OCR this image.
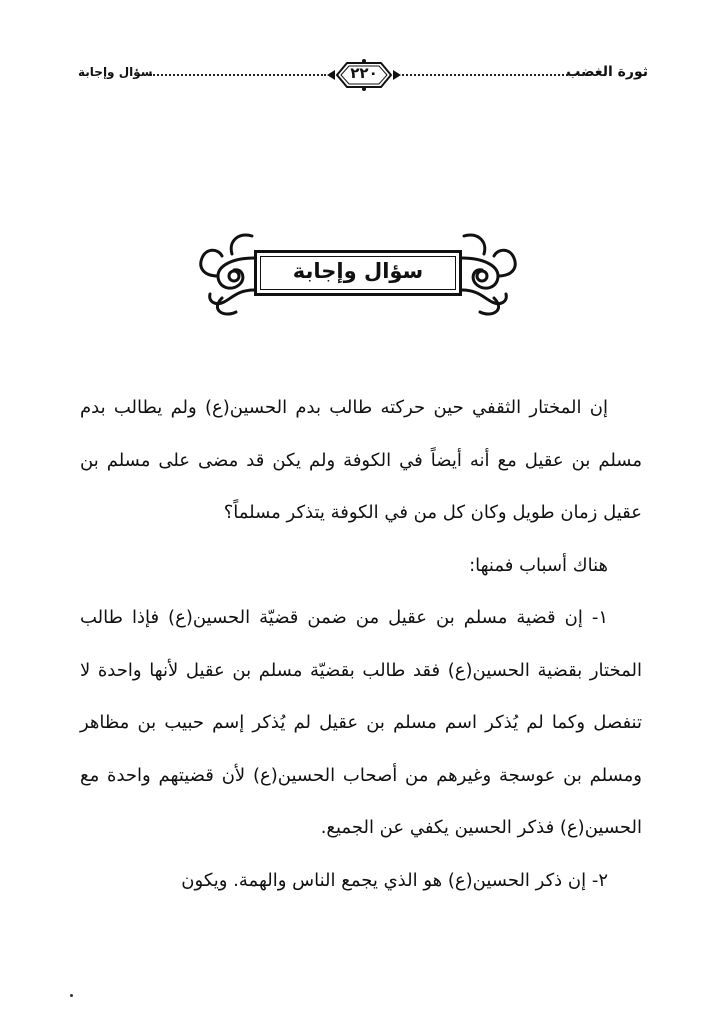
ثورة الغضب
٢٢٠
سؤال وإجابة
سؤال وإجابة

إن المختار الثقفي حين حركته طالب بدم الحسين(ع) ولم يطالب بدم مسلم بن عقيل مع أنه أيضاً في الكوفة ولم يكن قد مضى على مسلم بن عقيل زمان طويل وكان كل من في الكوفة يتذكر مسلماً؟

هناك أسباب فمنها:

١- إن قضية مسلم بن عقيل من ضمن قضيّة الحسين(ع) فإذا طالب المختار بقضية الحسين(ع) فقد طالب بقضيّة مسلم بن عقيل لأنها واحدة لا تنفصل وكما لم يُذكر اسم مسلم بن عقيل لم يُذكر إسم حبيب بن مظاهر ومسلم بن عوسجة وغيرهم من أصحاب الحسين(ع) لأن قضيتهم واحدة مع الحسين(ع) فذكر الحسين يكفي عن الجميع.

٢- إن ذكر الحسين(ع) هو الذي يجمع الناس والهمة. ويكون
